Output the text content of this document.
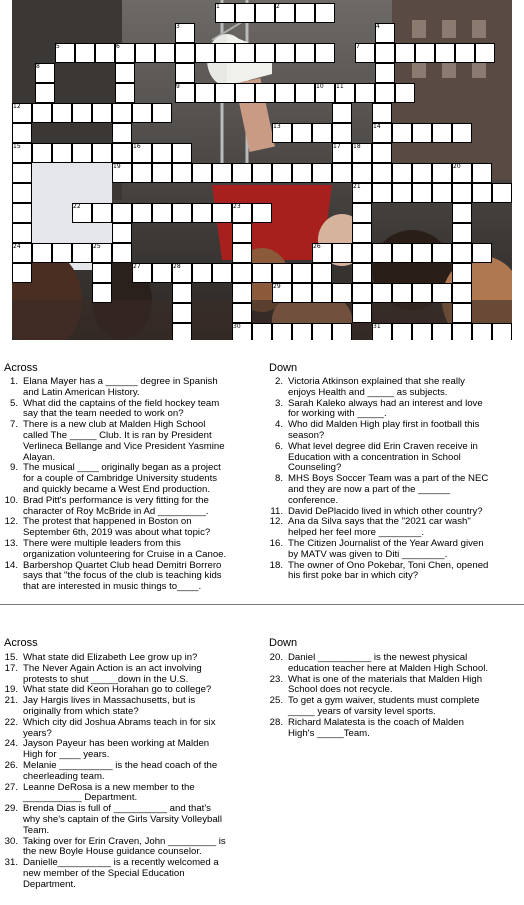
1	2
3	4
5	6	7
8
9	10 11
12
13	14
15	16	17 18
19	20
21
22	23
24	25	26
27	28
29
30	31
Across	Down
1. Elana Mayer has a ______ degree in Spanish
and Latin American History.
5. What did the captains of the field hockey team
say that the team needed to work on?
7. There is a new club at Malden High School
called The _____ Club. It is ran by President
Verlineca Bellange and Vice President Yasmine
Alayan.
9. The musical ____ originally began as a project
for a couple of Cambridge University students
and quickly became a West End production.
10. Brad Pitt's performance is very fitting for the
character of Roy McBride in Ad _________.
12. The protest that happened in Boston on
September 6th, 2019 was about what topic?
13. There were multiple leaders from this
organization volunteering for Cruise in a Canoe.
14. Barbershop Quartet Club head Demitri Borrero
says that "the focus of the club is teaching kids
that are interested in music things to____.
2. Victoria Atkinson explained that she really
enjoys Health and _____ as subjects.
3. Sarah Kaleko always had an interest and love
for working with _____.
4. Who did Malden High play first in football this
season?
6. What level degree did Erin Craven receive in
Education with a concentration in School
Counseling?
8. MHS Boys Soccer Team was a part of the NEC
and they are now a part of the ______
conference.
11. David DePlacido lived in which other country?
12. Ana da Silva says that the "2021 car wash"
helped her feel more ________.
16. The Citizen Journalist of the Year Award given
by MATV was given to Diti ________.
18. The owner of Ono Pokebar, Toni Chen, opened
his first poke bar in which city?
Across	Down
15. What state did Elizabeth Lee grow up in?
17. The Never Again Action is an act involving
protests to shut _____down in the U.S.
19. What state did Keon Horahan go to college?
21. Jay Hargis lives in Massachusetts, but is
originally from which state?
22. Which city did Joshua Abrams teach in for six
years?
24. Jayson Payeur has been working at Malden
High for ____ years.
26. Melanie __________ is the head coach of the
cheerleading team.
27. Leanne DeRosa is a new member to the
___________ Department.
29. Brenda Dias is full of __________ and that's
why she's captain of the Girls Varsity Volleyball
Team.
30. Taking over for Erin Craven, John _________ is
the new Boyle House guidance counselor.
31. Danielle__________ is a recently welcomed a
new member of the Special Education
Department.
20. Daniel __________ is the newest physical
education teacher here at Malden High School.
23. What is one of the materials that Malden High
School does not recycle.
25. To get a gym waiver, students must complete
_____ years of varsity level sports.
28. Richard Malatesta is the coach of Malden
High's _____Team.
